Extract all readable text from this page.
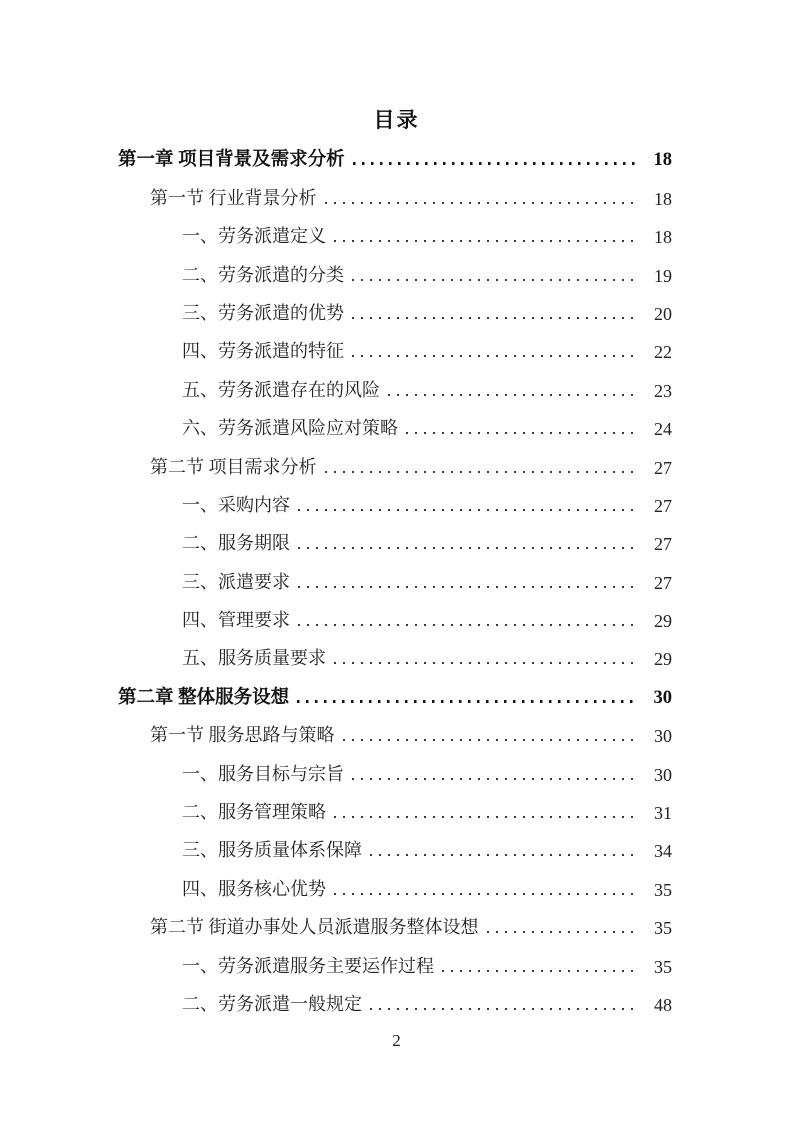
目录
第一章 项目背景及需求分析	18
第一节 行业背景分析	18
一、劳务派遣定义	18
二、劳务派遣的分类	19
三、劳务派遣的优势	20
四、劳务派遣的特征	22
五、劳务派遣存在的风险	23
六、劳务派遣风险应对策略	24
第二节 项目需求分析	27
一、采购内容	27
二、服务期限	27
三、派遣要求	27
四、管理要求	29
五、服务质量要求	29
第二章 整体服务设想	30
第一节 服务思路与策略	30
一、服务目标与宗旨	30
二、服务管理策略	31
三、服务质量体系保障	34
四、服务核心优势	35
第二节 街道办事处人员派遣服务整体设想	35
一、劳务派遣服务主要运作过程	35
二、劳务派遣一般规定	48
2
